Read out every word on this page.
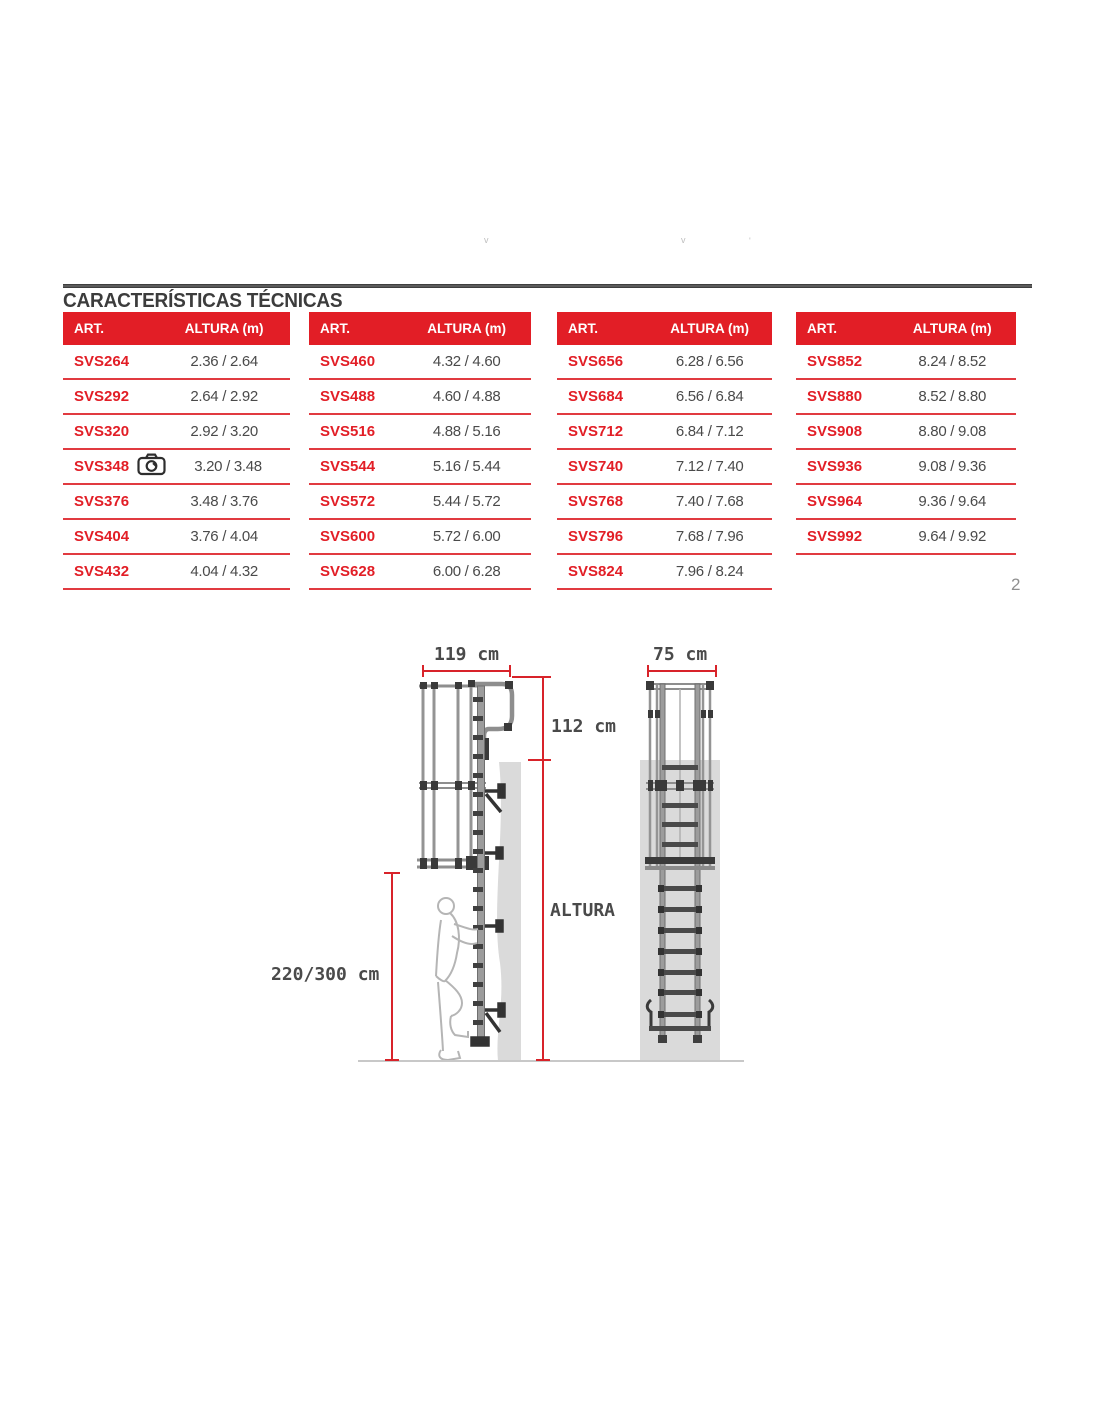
v	v	'
CARACTERÍSTICAS TÉCNICAS
ART.	ALTURA (m)
SVS264	2.36 / 2.64
SVS292	2.64 / 2.92
SVS320	2.92 / 3.20
SVS348	3.20 / 3.48
SVS376	3.48 / 3.76
SVS404	3.76 / 4.04
SVS432	4.04 / 4.32
ART.	ALTURA (m)
SVS460	4.32 / 4.60
SVS488	4.60 / 4.88
SVS516	4.88 / 5.16
SVS544	5.16 / 5.44
SVS572	5.44 / 5.72
SVS600	5.72 / 6.00
SVS628	6.00 / 6.28
ART.	ALTURA (m)
SVS656	6.28 / 6.56
SVS684	6.56 / 6.84
SVS712	6.84 / 7.12
SVS740	7.12 / 7.40
SVS768	7.40 / 7.68
SVS796	7.68 / 7.96
SVS824	7.96 / 8.24
ART.	ALTURA (m)
SVS852	8.24 / 8.52
SVS880	8.52 / 8.80
SVS908	8.80 / 9.08
SVS936	9.08 / 9.36
SVS964	9.36 / 9.64
SVS992	9.64 / 9.92
2
119 cm	75 cm
112 cm
ALTURA
220/300 cm
